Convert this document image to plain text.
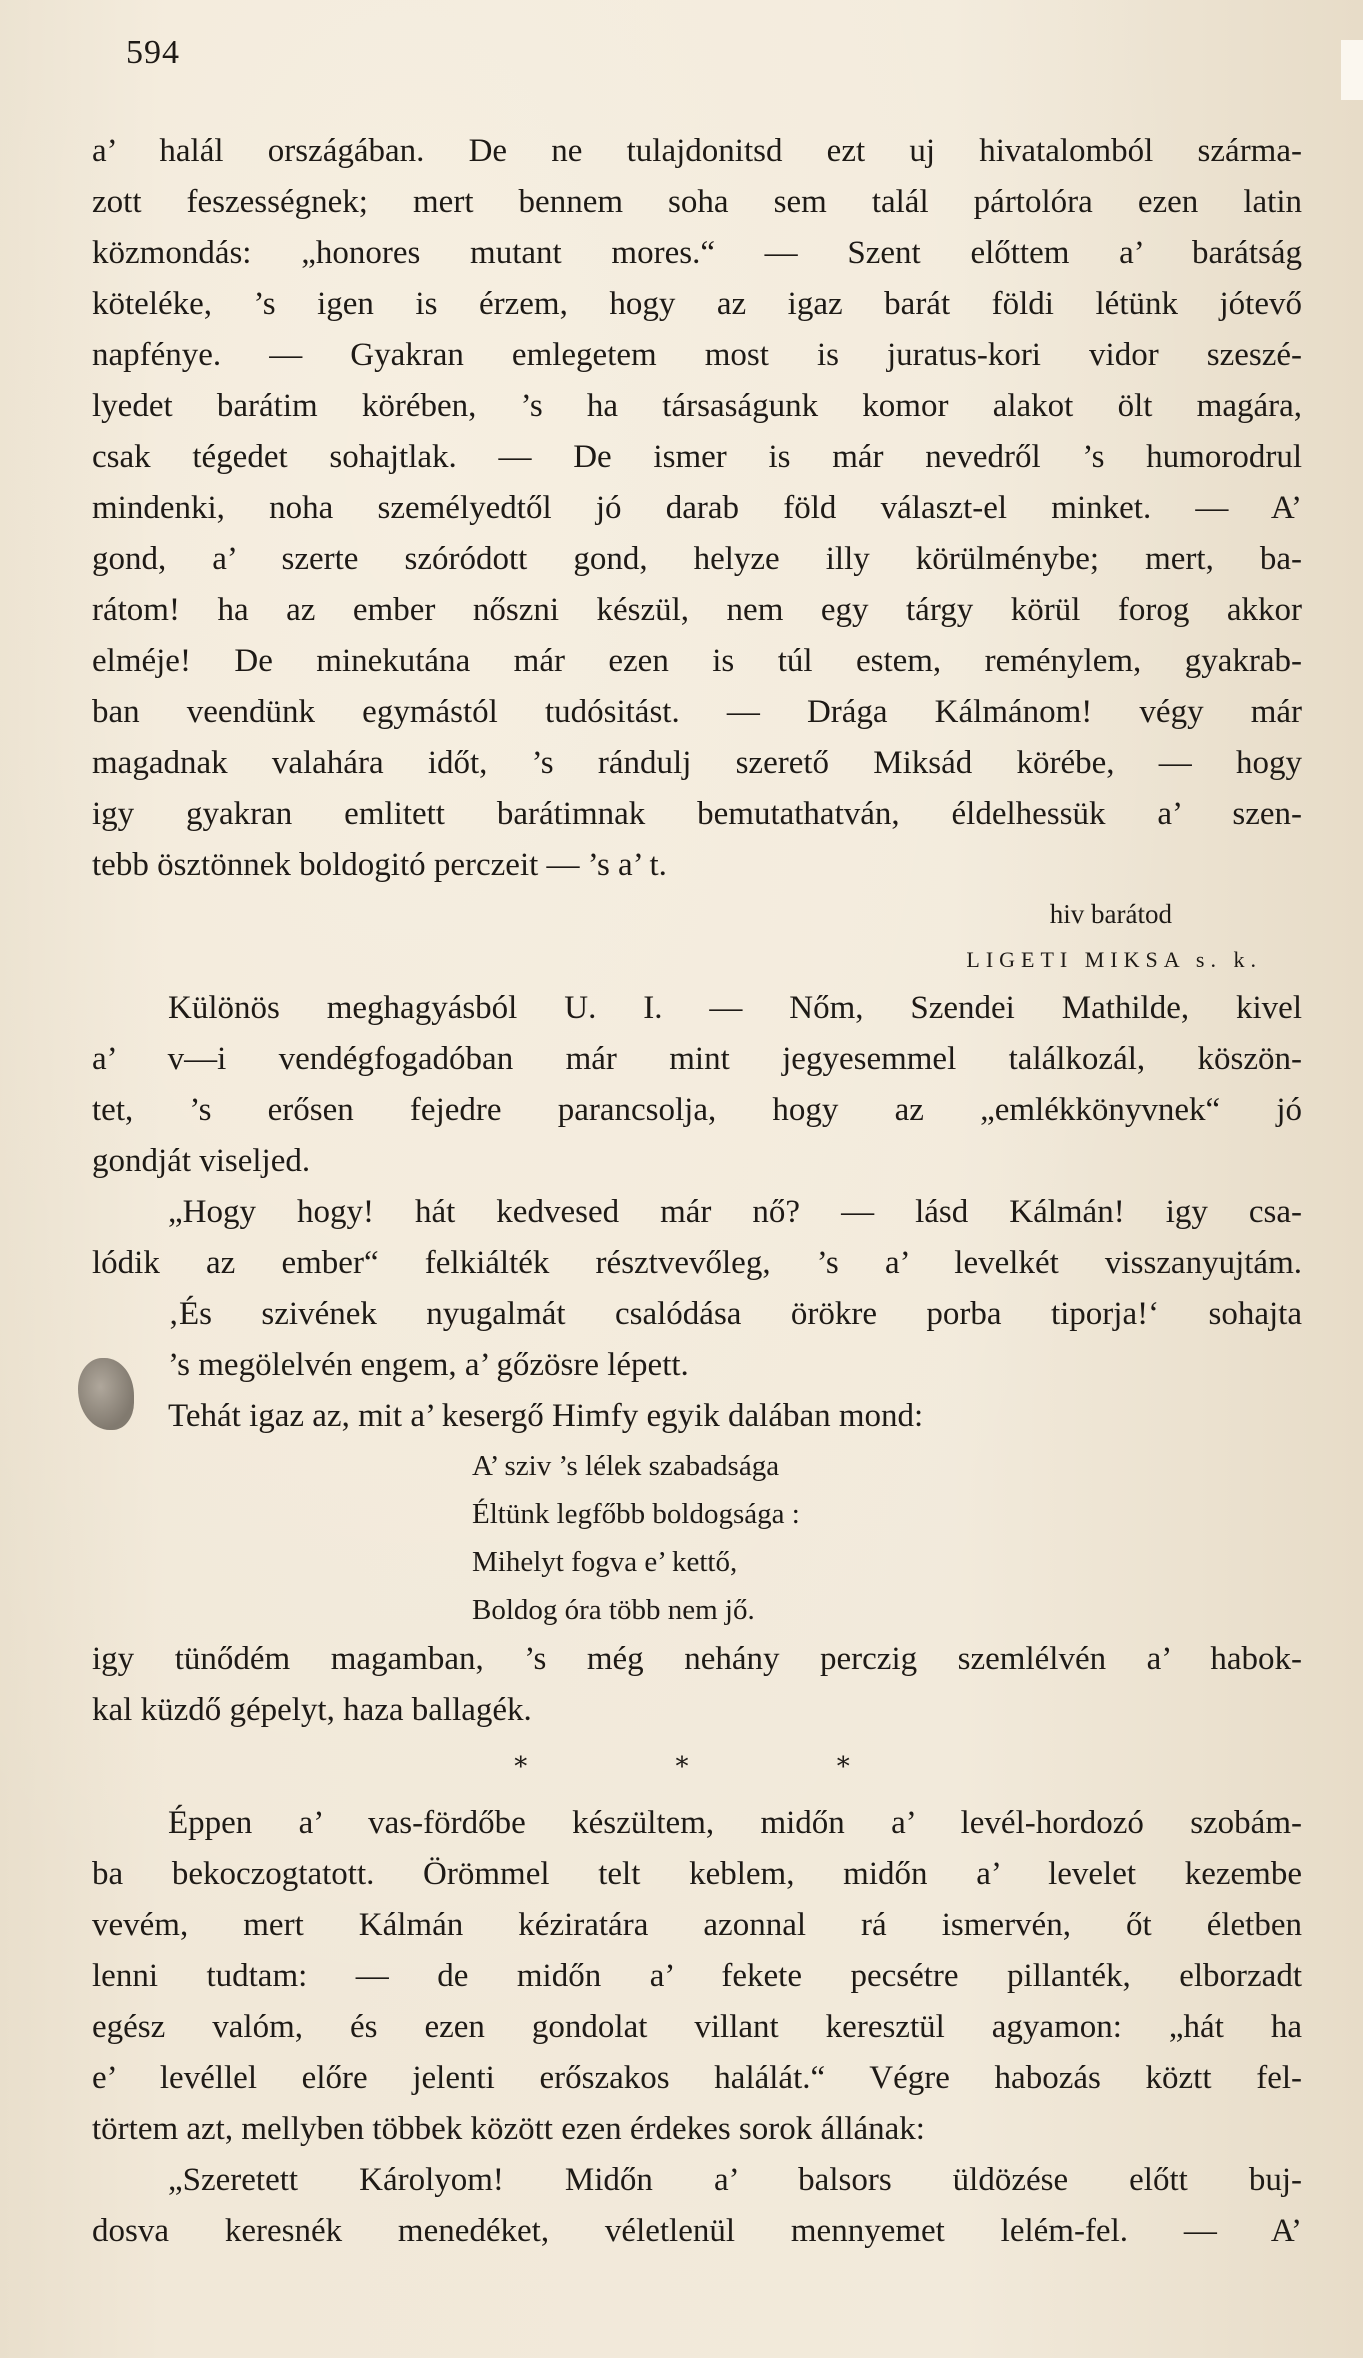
594
a’ halál országában. De ne tulajdonitsd ezt uj hivatalomból szárma-
zott feszességnek; mert bennem soha sem talál pártolóra ezen latin
közmondás: „honores mutant mores.“ — Szent előttem a’ barátság
köteléke, ’s igen is érzem, hogy az igaz barát földi létünk jótevő
napfénye. — Gyakran emlegetem most is juratus-kori vidor szeszé-
lyedet barátim körében, ’s ha társaságunk komor alakot ölt magára,
csak tégedet sohajtlak. — De ismer is már nevedről ’s humorodrul
mindenki, noha személyedtől jó darab föld választ-el minket. — A’
gond, a’ szerte szóródott gond, helyze illy körülménybe; mert, ba-
rátom! ha az ember nőszni készül, nem egy tárgy körül forog akkor
elméje! De minekutána már ezen is túl estem, reménylem, gyakrab-
ban veendünk egymástól tudósitást. — Drága Kálmánom! végy már
magadnak valahára időt, ’s rándulj szerető Miksád körébe, — hogy
igy gyakran emlitett barátimnak bemutathatván, éldelhessük a’ szen-
tebb ösztönnek boldogitó perczeit — ’s a’ t.
hiv barátod
LIGETI MIKSA s. k.
Különös meghagyásból U. I. — Nőm, Szendei Mathilde, kivel
a’ v—i vendégfogadóban már mint jegyesemmel találkozál, köszön-
tet, ’s erősen fejedre parancsolja, hogy az „emlékkönyvnek“ jó
gondját viseljed.
„Hogy hogy! hát kedvesed már nő? — lásd Kálmán! igy csa-
lódik az ember“ felkiálték résztvevőleg, ’s a’ levelkét visszanyujtám.
‚És szivének nyugalmát csalódása örökre porba tiporja!‘ sohajta
’s megölelvén engem, a’ gőzösre lépett.
Tehát igaz az, mit a’ kesergő Himfy egyik dalában mond:
A’ sziv ’s lélek szabadsága
Éltünk legfőbb boldogsága :
Mihelyt fogva e’ kettő,
Boldog óra több nem jő.
igy tünődém magamban, ’s még nehány perczig szemlélvén a’ habok-
kal küzdő gépelyt, haza ballagék.
* * *
Éppen a’ vas-fördőbe készültem, midőn a’ levél-hordozó szobám-
ba bekoczogtatott. Örömmel telt keblem, midőn a’ levelet kezembe
vevém, mert Kálmán kéziratára azonnal rá ismervén, őt életben
lenni tudtam: — de midőn a’ fekete pecsétre pillanték, elborzadt
egész valóm, és ezen gondolat villant keresztül agyamon: „hát ha
e’ levéllel előre jelenti erőszakos halálát.“ Végre habozás köztt fel-
törtem azt, mellyben többek között ezen érdekes sorok állának:
„Szeretett Károlyom! Midőn a’ balsors üldözése előtt buj-
dosva keresnék menedéket, véletlenül mennyemet lelém-fel. — A’
